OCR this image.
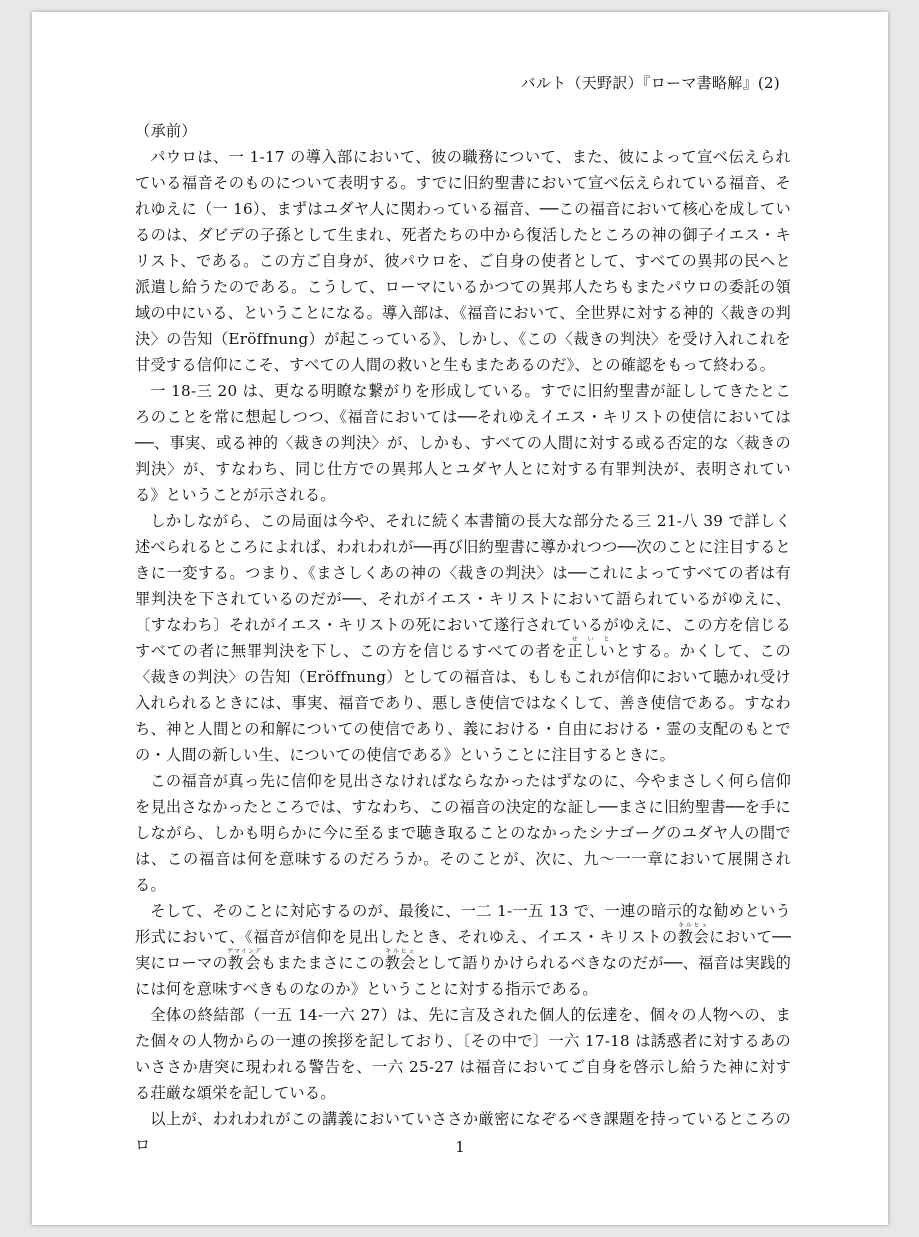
バルト（天野訳）『ローマ書略解』(2)

（承前）

パウロは、一 1-17 の導入部において、彼の職務について、また、彼によって宣べ伝えられている福音そのものについて表明する。すでに旧約聖書において宣べ伝えられている福音、それゆえに（一 16）、まずはユダヤ人に関わっている福音、──この福音において核心を成しているのは、ダビデの子孫として生まれ、死者たちの中から復活したところの神の御子イエス・キリスト、である。この方ご自身が、彼パウロを、ご自身の使者として、すべての異邦の民へと派遣し給うたのである。こうして、ローマにいるかつての異邦人たちもまたパウロの委託の領域の中にいる、ということになる。導入部は、《福音において、全世界に対する神的〈裁きの判決〉の告知（Eröffnung）が起こっている》、しかし、《この〈裁きの判決〉を受け入れこれを甘受する信仰にこそ、すべての人間の救いと生もまたあるのだ》、との確認をもって終わる。

一 18-三 20 は、更なる明瞭な繋がりを形成している。すでに旧約聖書が証ししてきたところのことを常に想起しつつ、《福音においては──それゆえイエス・キリストの使信においては──、事実、或る神的〈裁きの判決〉が、しかも、すべての人間に対する或る否定的な〈裁きの判決〉が、すなわち、同じ仕方での異邦人とユダヤ人とに対する有罪判決が、表明されている》ということが示される。

しかしながら、この局面は今や、それに続く本書簡の長大な部分たる三 21-八 39 で詳しく述べられるところによれば、われわれが──再び旧約聖書に導かれつつ──次のことに注目するときに一変する。つまり、《まさしくあの神の〈裁きの判決〉は──これによってすべての者は有罪判決を下されているのだが──、それがイエス・キリストにおいて語られているがゆえに、〔すなわち〕それがイエス・キリストの死において遂行されているがゆえに、この方を信じるすべての者に無罪判決を下し、この方を信じるすべての者を正しいせいととする。かくして、この〈裁きの判決〉の告知（Eröffnung）としての福音は、もしもこれが信仰において聴かれ受け入れられるときには、事実、福音であり、悪しき使信ではなくして、善き使信である。すなわち、神と人間との和解についての使信であり、義における・自由における・霊の支配のもとでの・人間の新しい生、についての使信である》ということに注目するときに。

この福音が真っ先に信仰を見出さなければならなかったはずなのに、今やまさしく何ら信仰を見出さなかったところでは、すなわち、この福音の決定的な証し──まさに旧約聖書──を手にしながら、しかも明らかに今に至るまで聴き取ることのなかったシナゴーグのユダヤ人の間では、この福音は何を意味するのだろうか。そのことが、次に、九～一一章において展開される。

そして、そのことに対応するのが、最後に、一二 1-一五 13 で、一連の暗示的な勧めという形式において、《福音が信仰を見出したとき、それゆえ、イエス・キリストの教会キルヒェにおいて──実にローマの教会ゲマインデもまたまさにこの教会キルヒェとして語りかけられるべきなのだが──、福音は実践的には何を意味すべきものなのか》ということに対する指示である。

全体の終結部（一五 14-一六 27）は、先に言及された個人的伝達を、個々の人物への、また個々の人物からの一連の挨拶を記しており、〔その中で〕一六 17-18 は誘惑者に対するあのいささか唐突に現われる警告を、一六 25-27 は福音においてご自身を啓示し給うた神に対する荘厳な頌栄を記している。

以上が、われわれがこの講義においていささか厳密になぞるべき課題を持っているところのロ	1
